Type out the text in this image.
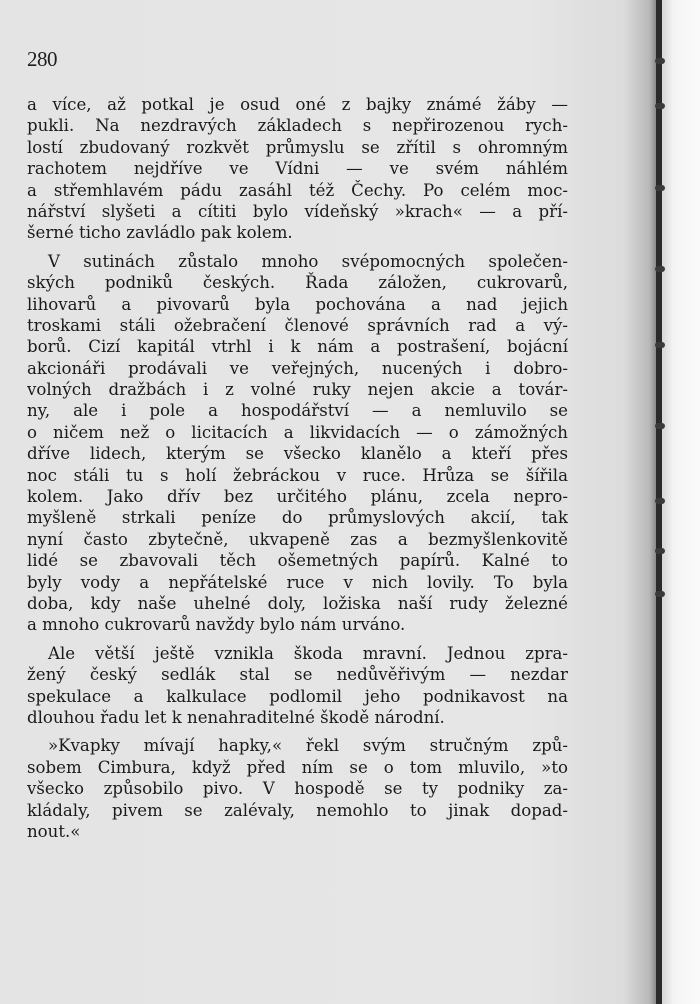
280
a více, až potkal je osud oné z bajky známé žáby —
pukli. Na nezdravých základech s nepřirozenou rych-
lostí zbudovaný rozkvět průmyslu se zřítil s ohromným
rachotem nejdříve ve Vídni — ve svém náhlém
a střemhlavém pádu zasáhl též Čechy. Po celém moc-
nářství slyšeti a cítiti bylo vídeňský »krach« — a pří-
šerné ticho zavládlo pak kolem.
V sutinách zůstalo mnoho svépomocných společen-
ských podniků českých. Řada záložen, cukrovarů,
lihovarů a pivovarů byla pochována a nad jejich
troskami stáli ožebračení členové správních rad a vý-
borů. Cizí kapitál vtrhl i k nám a postrašení, bojácní
akcionáři prodávali ve veřejných, nucených i dobro-
volných dražbách i z volné ruky nejen akcie a továr-
ny, ale i pole a hospodářství — a nemluvilo se
o ničem než o licitacích a likvidacích — o zámožných
dříve lidech, kterým se všecko klanělo a kteří přes
noc stáli tu s holí žebráckou v ruce. Hrůza se šířila
kolem. Jako dřív bez určitého plánu, zcela nepro-
myšleně strkali peníze do průmyslových akcií, tak
nyní často zbytečně, ukvapeně zas a bezmyšlenkovitě
lidé se zbavovali těch ošemetných papírů. Kalné to
byly vody a nepřátelské ruce v nich lovily. To byla
doba, kdy naše uhelné doly, ložiska naší rudy železné
a mnoho cukrovarů navždy bylo nám urváno.
Ale větší ještě vznikla škoda mravní. Jednou zpra-
žený český sedlák stal se nedůvěřivým — nezdar
spekulace a kalkulace podlomil jeho podnikavost na
dlouhou řadu let k nenahraditelné škodě národní.
»Kvapky mívají hapky,« řekl svým stručným způ-
sobem Cimbura, když před ním se o tom mluvilo, »to
všecko způsobilo pivo. V hospodě se ty podniky za-
kládaly, pivem se zalévaly, nemohlo to jinak dopad-
nout.«
